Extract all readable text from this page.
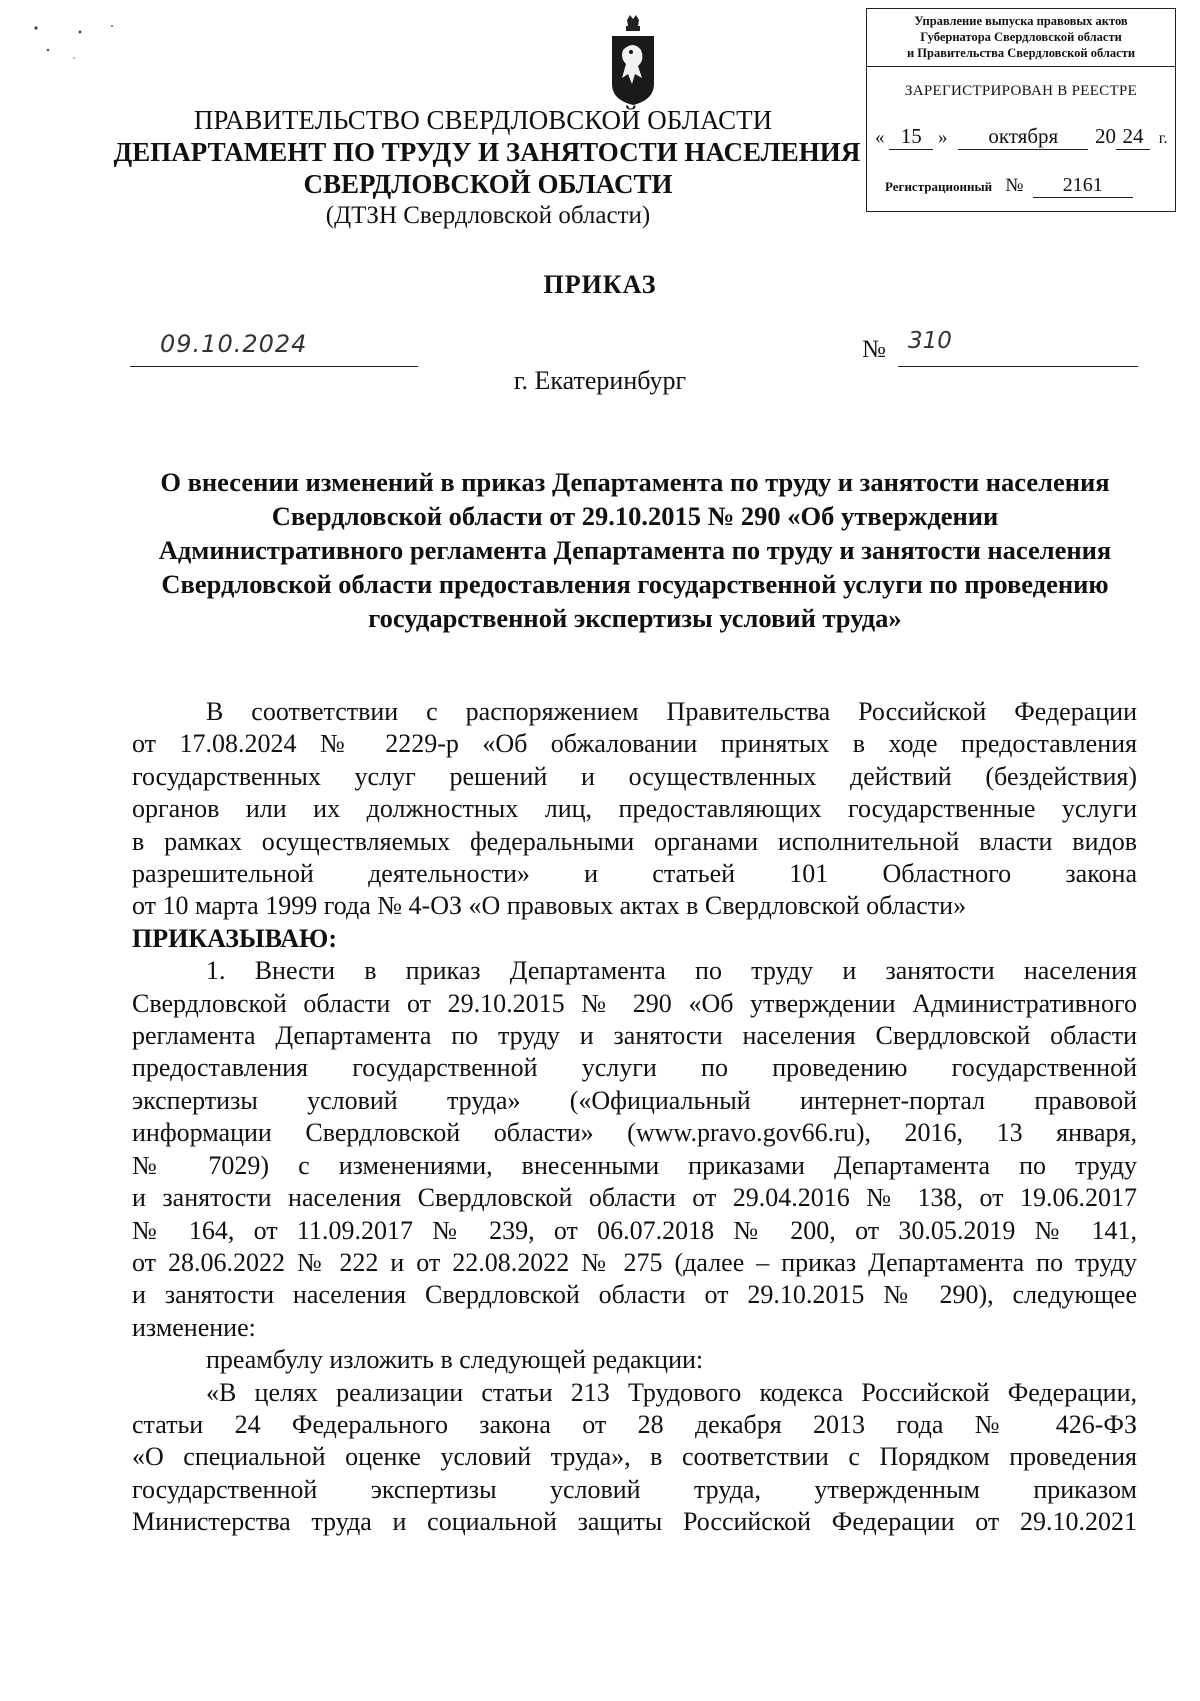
Управление выпуска правовых актов
Губернатора Свердловской области
и Правительства Свердловской области
ЗАРЕГИСТРИРОВАН В РЕЕСТРЕ
« 15 » октября 20 24 г.
Регистрационный № 2161
ПРАВИТЕЛЬСТВО СВЕРДЛОВСКОЙ ОБЛАСТИ
ДЕПАРТАМЕНТ ПО ТРУДУ И ЗАНЯТОСТИ НАСЕЛЕНИЯ
СВЕРДЛОВСКОЙ ОБЛАСТИ
(ДТЗН Свердловской области)
ПРИКАЗ
09.10.2024	№ 310
г. Екатеринбург
О внесении изменений в приказ Департамента по труду и занятости населения Свердловской области от 29.10.2015 № 290 «Об утверждении Административного регламента Департамента по труду и занятости населения Свердловской области предоставления государственной услуги по проведению государственной экспертизы условий труда»

В соответствии с распоряжением Правительства Российской Федерации

от 17.08.2024 № 2229-р «Об обжаловании принятых в ходе предоставления

государственных услуг решений и осуществленных действий (бездействия)

органов или их должностных лиц, предоставляющих государственные услуги

в рамках осуществляемых федеральными органами исполнительной власти видов

разрешительной деятельности» и статьей 101 Областного закона

от 10 марта 1999 года № 4-ОЗ «О правовых актах в Свердловской области»

ПРИКАЗЫВАЮ:

1. Внести в приказ Департамента по труду и занятости населения

Свердловской области от 29.10.2015 № 290 «Об утверждении Административного

регламента Департамента по труду и занятости населения Свердловской области

предоставления государственной услуги по проведению государственной

экспертизы условий труда» («Официальный интернет-портал правовой

информации Свердловской области» (www.pravo.gov66.ru), 2016, 13 января,

№ 7029) с изменениями, внесенными приказами Департамента по труду

и занятости населения Свердловской области от 29.04.2016 № 138, от 19.06.2017

№ 164, от 11.09.2017 № 239, от 06.07.2018 № 200, от 30.05.2019 № 141,

от 28.06.2022 № 222 и от 22.08.2022 № 275 (далее – приказ Департамента по труду

и занятости населения Свердловской области от 29.10.2015 № 290), следующее

изменение:

преамбулу изложить в следующей редакции:

«В целях реализации статьи 213 Трудового кодекса Российской Федерации,

статьи 24 Федерального закона от 28 декабря 2013 года № 426-ФЗ

«О специальной оценке условий труда», в соответствии с Порядком проведения

государственной экспертизы условий труда, утвержденным приказом

Министерства труда и социальной защиты Российской Федерации от 29.10.2021
